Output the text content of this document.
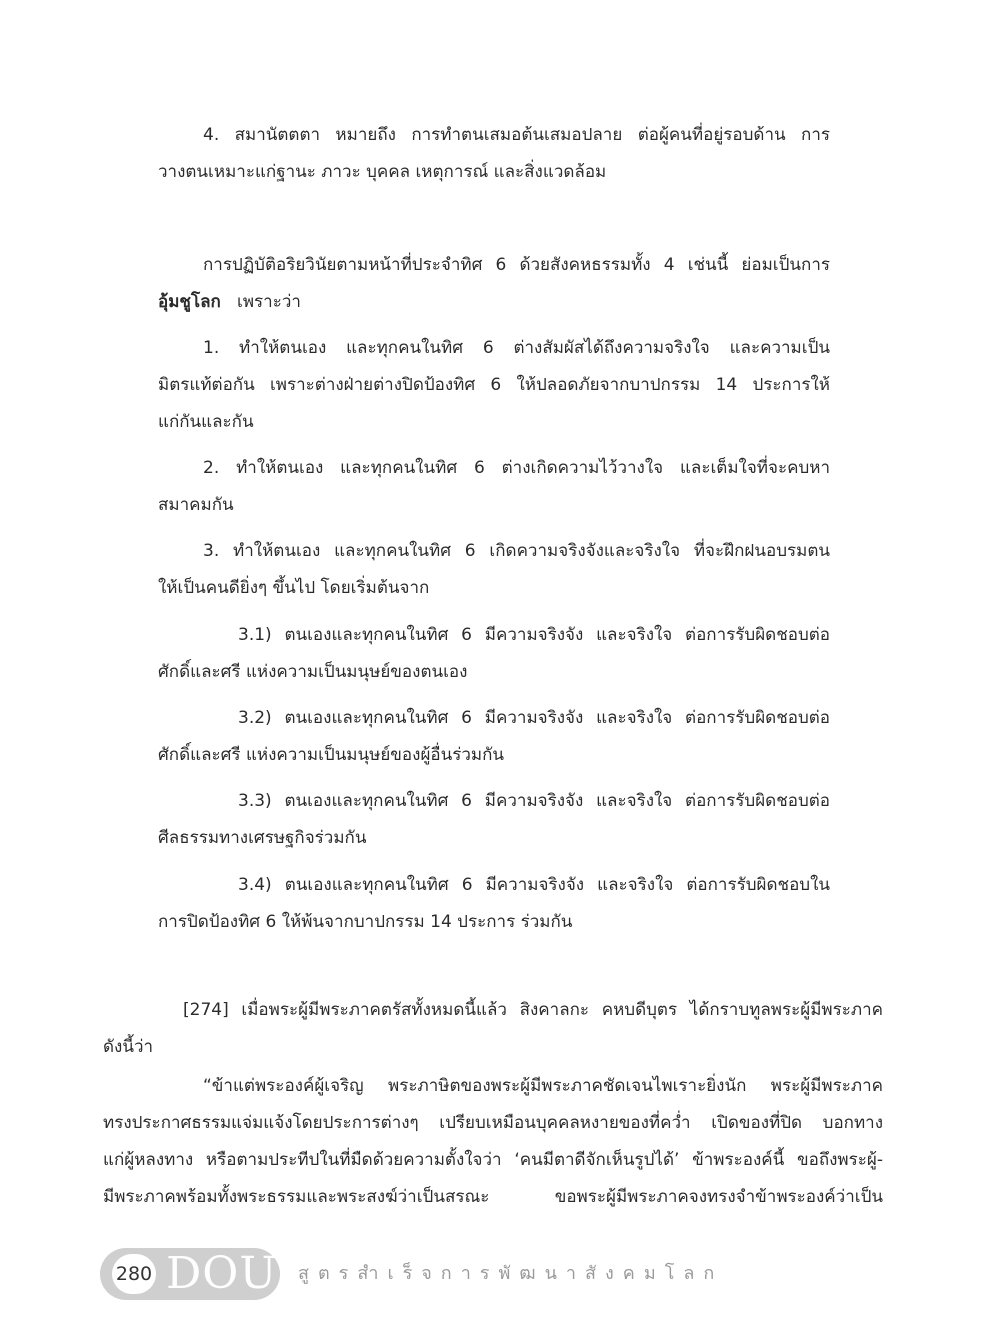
4. สมานัตตตา หมายถึง การทำตนเสมอต้นเสมอปลาย ต่อผู้คนที่อยู่รอบด้าน การ
วางตนเหมาะแก่ฐานะ ภาวะ บุคคล เหตุการณ์ และสิ่งแวดล้อม
การปฏิบัติอริยวินัยตามหน้าที่ประจำทิศ 6 ด้วยสังคหธรรมทั้ง 4 เช่นนี้ ย่อมเป็นการ
อุ้มชูโลก เพราะว่า
1. ทำให้ตนเอง และทุกคนในทิศ 6 ต่างสัมผัสได้ถึงความจริงใจ และความเป็น
มิตรแท้ต่อกัน เพราะต่างฝ่ายต่างปิดป้องทิศ 6 ให้ปลอดภัยจากบาปกรรม 14 ประการให้
แก่กันและกัน
2. ทำให้ตนเอง และทุกคนในทิศ 6 ต่างเกิดความไว้วางใจ และเต็มใจที่จะคบหา
สมาคมกัน
3. ทำให้ตนเอง และทุกคนในทิศ 6 เกิดความจริงจังและจริงใจ ที่จะฝึกฝนอบรมตน
ให้เป็นคนดียิ่งๆ ขึ้นไป โดยเริ่มต้นจาก
3.1) ตนเองและทุกคนในทิศ 6 มีความจริงจัง และจริงใจ ต่อการรับผิดชอบต่อ
ศักดิ์และศรี แห่งความเป็นมนุษย์ของตนเอง
3.2) ตนเองและทุกคนในทิศ 6 มีความจริงจัง และจริงใจ ต่อการรับผิดชอบต่อ
ศักดิ์และศรี แห่งความเป็นมนุษย์ของผู้อื่นร่วมกัน
3.3) ตนเองและทุกคนในทิศ 6 มีความจริงจัง และจริงใจ ต่อการรับผิดชอบต่อ
ศีลธรรมทางเศรษฐกิจร่วมกัน
3.4) ตนเองและทุกคนในทิศ 6 มีความจริงจัง และจริงใจ ต่อการรับผิดชอบใน
การปิดป้องทิศ 6 ให้พ้นจากบาปกรรม 14 ประการ ร่วมกัน
[274] เมื่อพระผู้มีพระภาคตรัสทั้งหมดนี้แล้ว สิงคาลกะ คหบดีบุตร ได้กราบทูลพระผู้มีพระภาค
ดังนี้ว่า
“ข้าแต่พระองค์ผู้เจริญ พระภาษิตของพระผู้มีพระภาคชัดเจนไพเราะยิ่งนัก พระผู้มีพระภาค
ทรงประกาศธรรมแจ่มแจ้งโดยประการต่างๆ เปรียบเหมือนบุคคลหงายของที่คว่ำ เปิดของที่ปิด บอกทาง
แก่ผู้หลงทาง หรือตามประทีปในที่มืดด้วยความตั้งใจว่า ‘คนมีตาดีจักเห็นรูปได้’ ข้าพระองค์นี้ ขอถึงพระผู้-
มีพระภาคพร้อมทั้งพระธรรมและพระสงฆ์ว่าเป็นสรณะ ขอพระผู้มีพระภาคจงทรงจำข้าพระองค์ว่าเป็น
280 DOU สูตรสำเร็จการพัฒนาสังคมโลก
